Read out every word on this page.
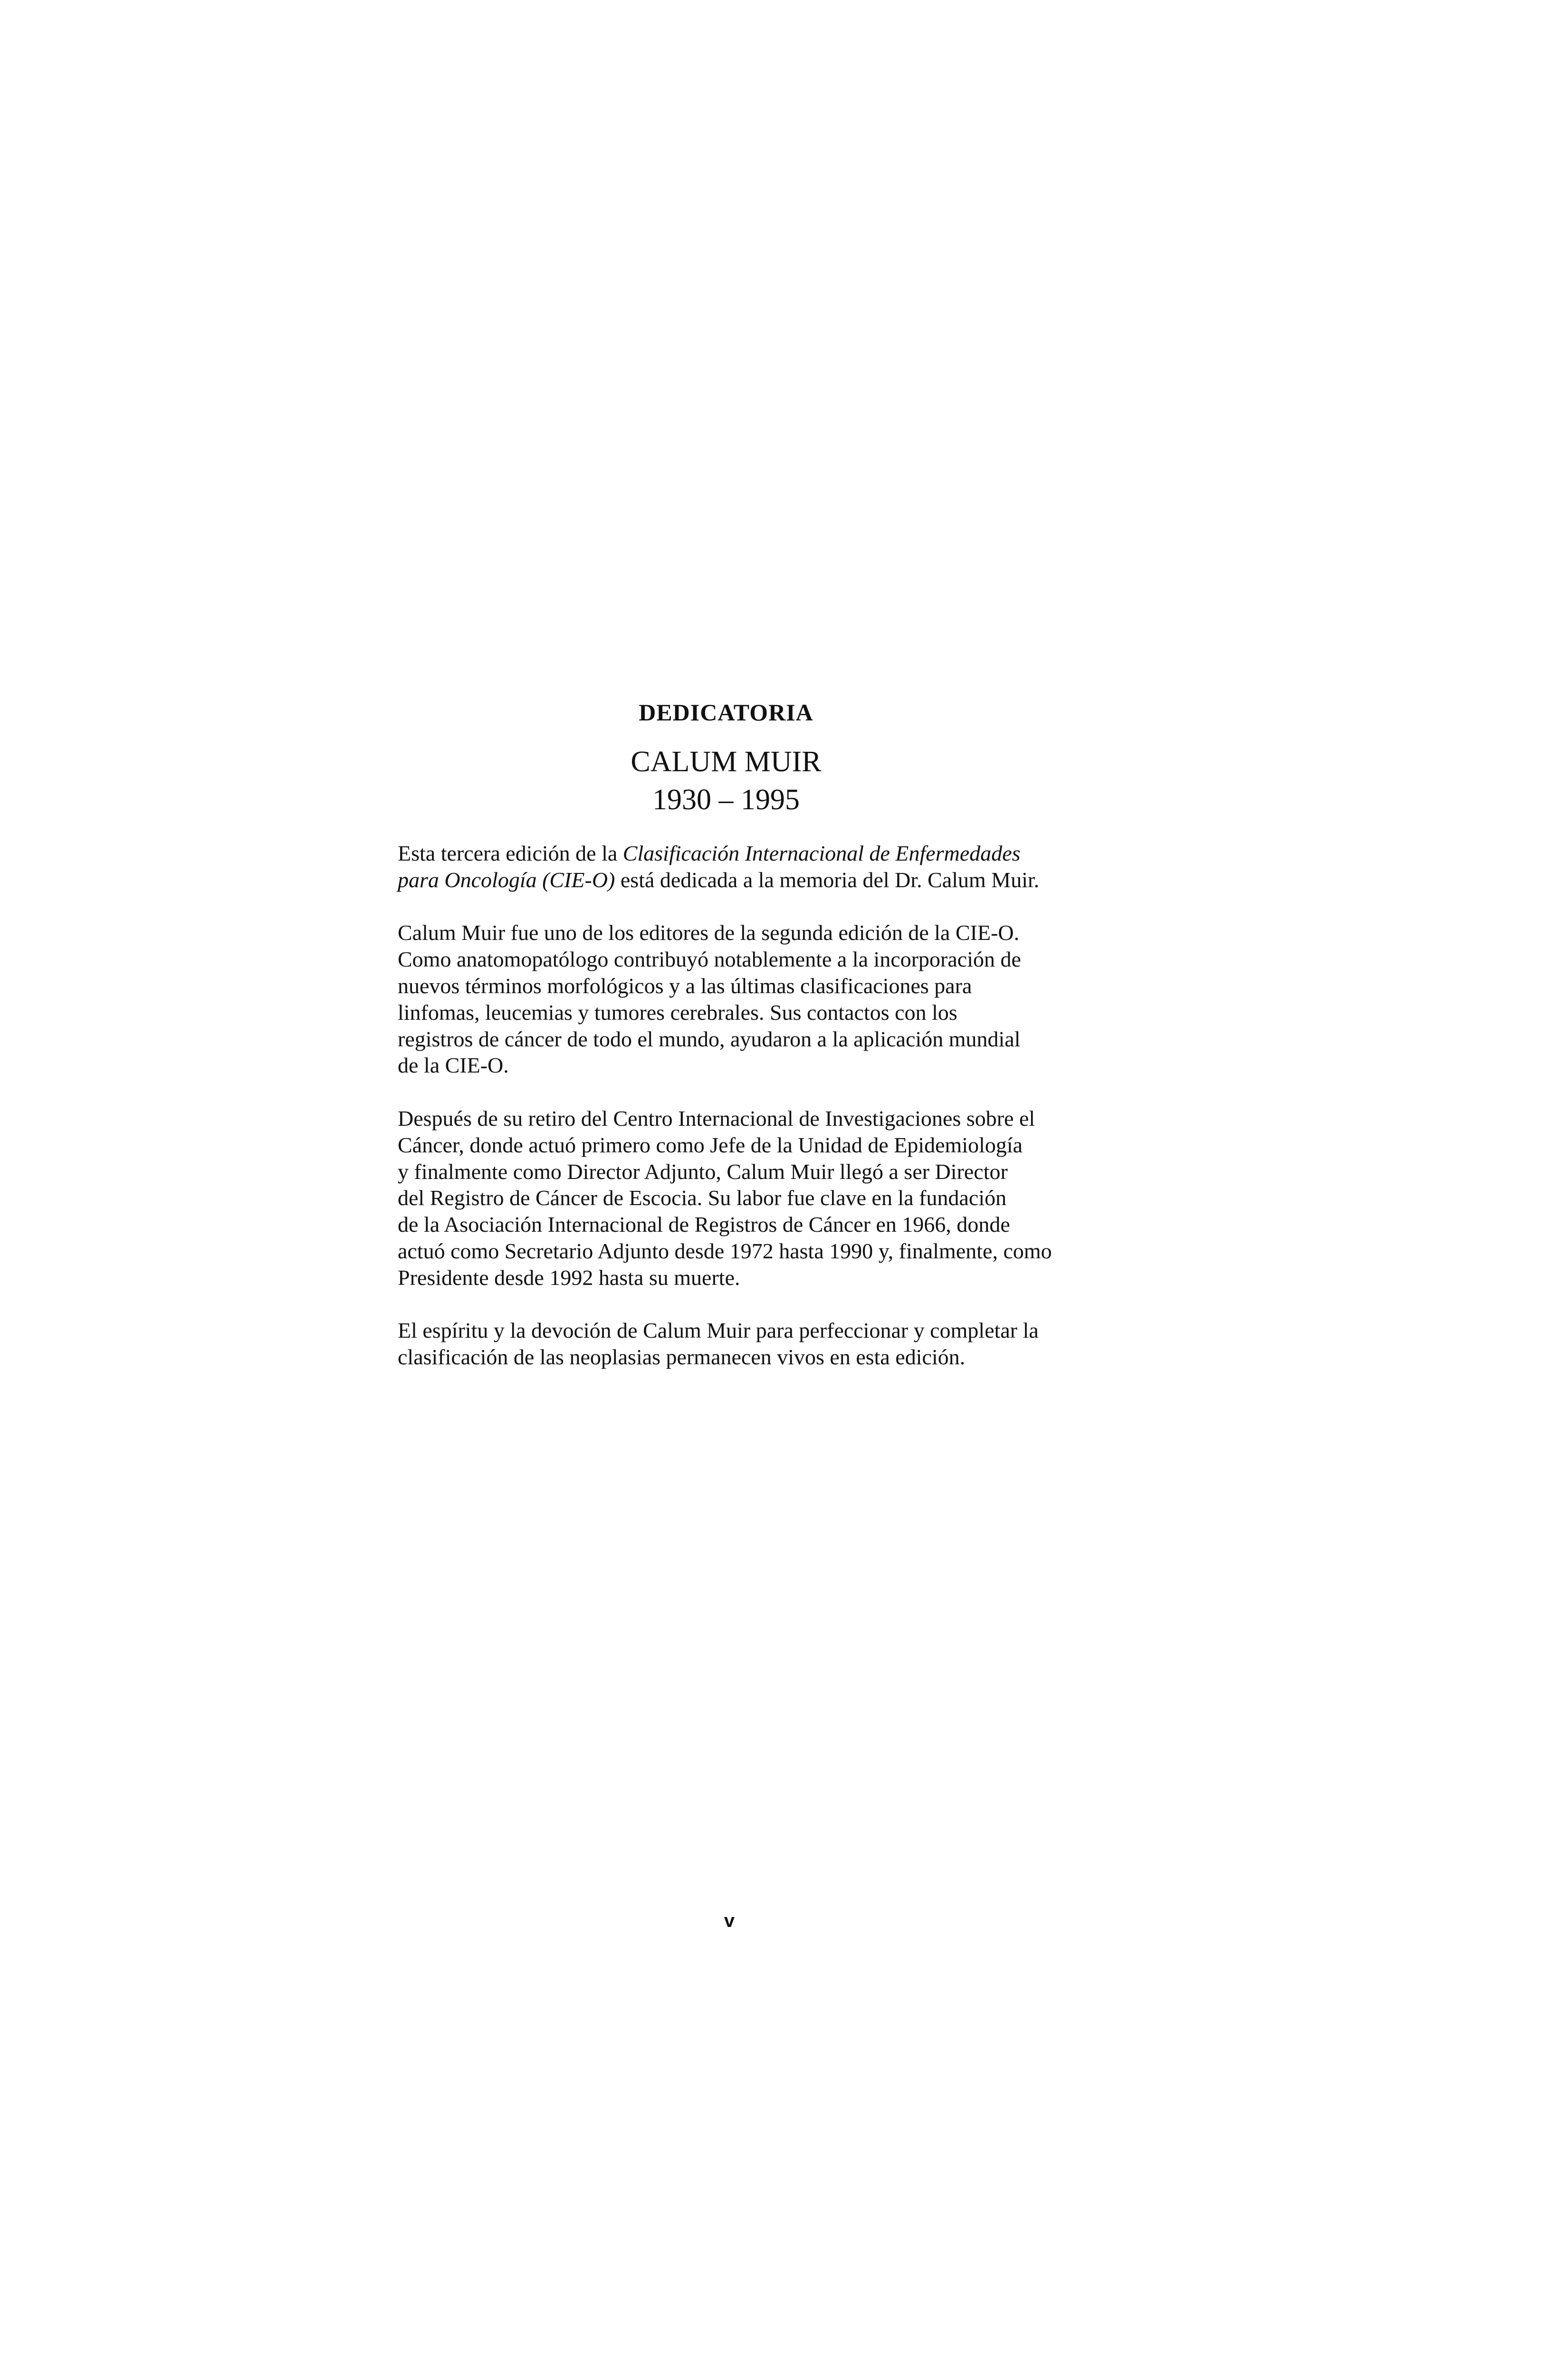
DEDICATORIA
CALUM MUIR
1930 – 1995

Esta tercera edición de la Clasificación Internacional de Enfermedades
para Oncología (CIE-O) está dedicada a la memoria del Dr. Calum Muir.

Calum Muir fue uno de los editores de la segunda edición de la CIE-O.
Como anatomopatólogo contribuyó notablemente a la incorporación de
nuevos términos morfológicos y a las últimas clasificaciones para
linfomas, leucemias y tumores cerebrales. Sus contactos con los
registros de cáncer de todo el mundo, ayudaron a la aplicación mundial
de la CIE-O.

Después de su retiro del Centro Internacional de Investigaciones sobre el
Cáncer, donde actuó primero como Jefe de la Unidad de Epidemiología
y finalmente como Director Adjunto, Calum Muir llegó a ser Director
del Registro de Cáncer de Escocia. Su labor fue clave en la fundación
de la Asociación Internacional de Registros de Cáncer en 1966, donde
actuó como Secretario Adjunto desde 1972 hasta 1990 y, finalmente, como
Presidente desde 1992 hasta su muerte.

El espíritu y la devoción de Calum Muir para perfeccionar y completar la
clasificación de las neoplasias permanecen vivos en esta edición.

v
